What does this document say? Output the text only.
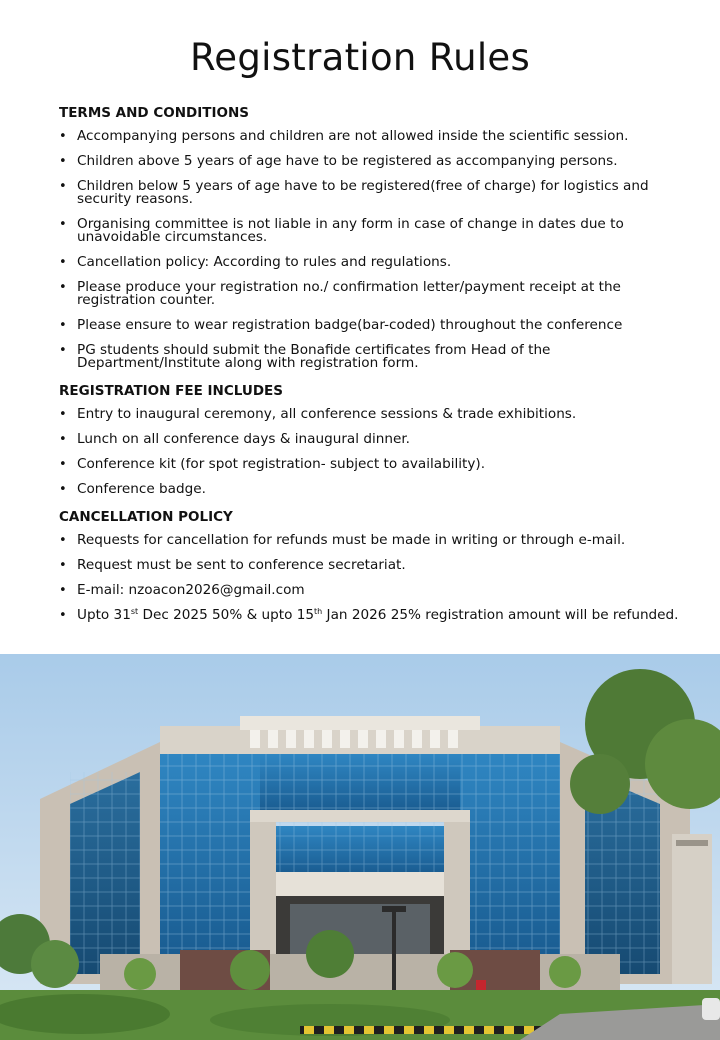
Registration Rules
TERMS AND CONDITIONS
• Accompanying persons and children are not allowed inside the scientific session.
• Children above 5 years of age have to be registered as accompanying persons.
• Children below 5 years of age have to be registered(free of charge) for logistics and security reasons.
• Organising committee is not liable in any form in case of change in dates due to unavoidable circumstances.
• Cancellation policy: According to rules and regulations.
• Please produce your registration no./ confirmation letter/payment receipt at the registration counter.
• Please ensure to wear registration badge(bar-coded) throughout the conference
• PG students should submit the Bonafide certificates from Head of the Department/Institute along with registration form.
REGISTRATION FEE INCLUDES
• Entry to inaugural ceremony, all conference sessions & trade exhibitions.
• Lunch on all conference days & inaugural dinner.
• Conference kit (for spot registration- subject to availability).
• Conference badge.
CANCELLATION POLICY
• Requests for cancellation for refunds must be made in writing or through e-mail.
• Request must be sent to conference secretariat.
• E-mail: nzoacon2026@gmail.com
• Upto 31st Dec 2025 50% & upto 15th Jan 2026 25% registration amount will be refunded.
